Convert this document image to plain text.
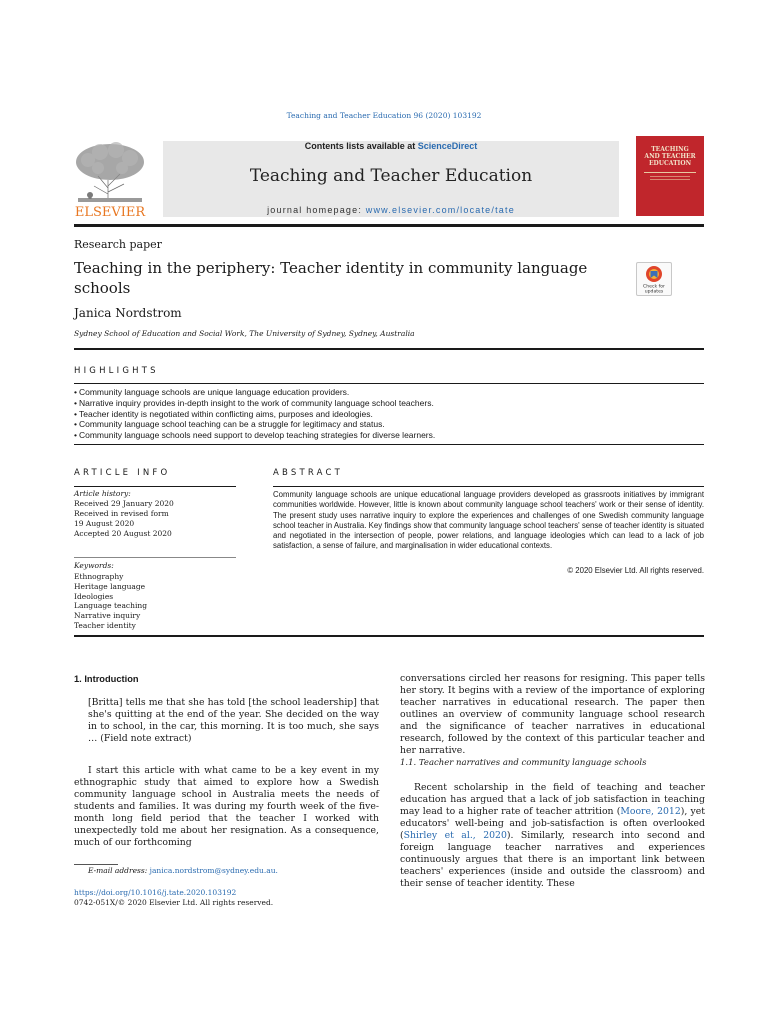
Teaching and Teacher Education 96 (2020) 103192
ELSEVIER
Contents lists available at ScienceDirect
Teaching and Teacher Education
journal homepage: www.elsevier.com/locate/tate
TEACHING
AND TEACHER
EDUCATION
Research paper
Teaching in the periphery: Teacher identity in community language schools	Check for
updates
Janica Nordstrom
Sydney School of Education and Social Work, The University of Sydney, Sydney, Australia
HIGHLIGHTS
• Community language schools are unique language education providers.
• Narrative inquiry provides in-depth insight to the work of community language school teachers.
• Teacher identity is negotiated within conflicting aims, purposes and ideologies.
• Community language school teaching can be a struggle for legitimacy and status.
• Community language schools need support to develop teaching strategies for diverse learners.
ARTICLE INFO
Article history:
Received 29 January 2020
Received in revised form
19 August 2020
Accepted 20 August 2020
Keywords:
Ethnography
Heritage language
Ideologies
Language teaching
Narrative inquiry
Teacher identity
ABSTRACT
Community language schools are unique educational language providers developed as grassroots initiatives by immigrant communities worldwide. However, little is known about community language school teachers' work or their sense of identity. The present study uses narrative inquiry to explore the experiences and challenges of one Swedish community language school teacher in Australia. Key findings show that community language school teachers' sense of teacher identity is situated and negotiated in the intersection of people, power relations, and language ideologies which can lead to a lack of job satisfaction, a sense of failure, and marginalisation in wider educational contexts.
© 2020 Elsevier Ltd. All rights reserved.
1. Introduction
[Britta] tells me that she has told [the school leadership] that she's quitting at the end of the year. She decided on the way in to school, in the car, this morning. It is too much, she says … (Field note extract)
I start this article with what came to be a key event in my ethnographic study that aimed to explore how a Swedish community language school in Australia meets the needs of students and families. It was during my fourth week of the five-month long field period that the teacher I worked with unexpectedly told me about her resignation. As a consequence, much of our forthcoming
conversations circled her reasons for resigning. This paper tells her story. It begins with a review of the importance of exploring teacher narratives in educational research. The paper then outlines an overview of community language school research and the significance of teacher narratives in educational research, followed by the context of this particular teacher and her narrative.
1.1. Teacher narratives and community language schools
Recent scholarship in the field of teaching and teacher education has argued that a lack of job satisfaction in teaching may lead to a higher rate of teacher attrition (Moore, 2012), yet educators' well-being and job-satisfaction is often overlooked (Shirley et al., 2020). Similarly, research into second and foreign language teacher narratives and experiences continuously argues that there is an important link between teachers' experiences (inside and outside the classroom) and their sense of teacher identity. These
E-mail address: janica.nordstrom@sydney.edu.au.
https://doi.org/10.1016/j.tate.2020.103192
0742-051X/© 2020 Elsevier Ltd. All rights reserved.
